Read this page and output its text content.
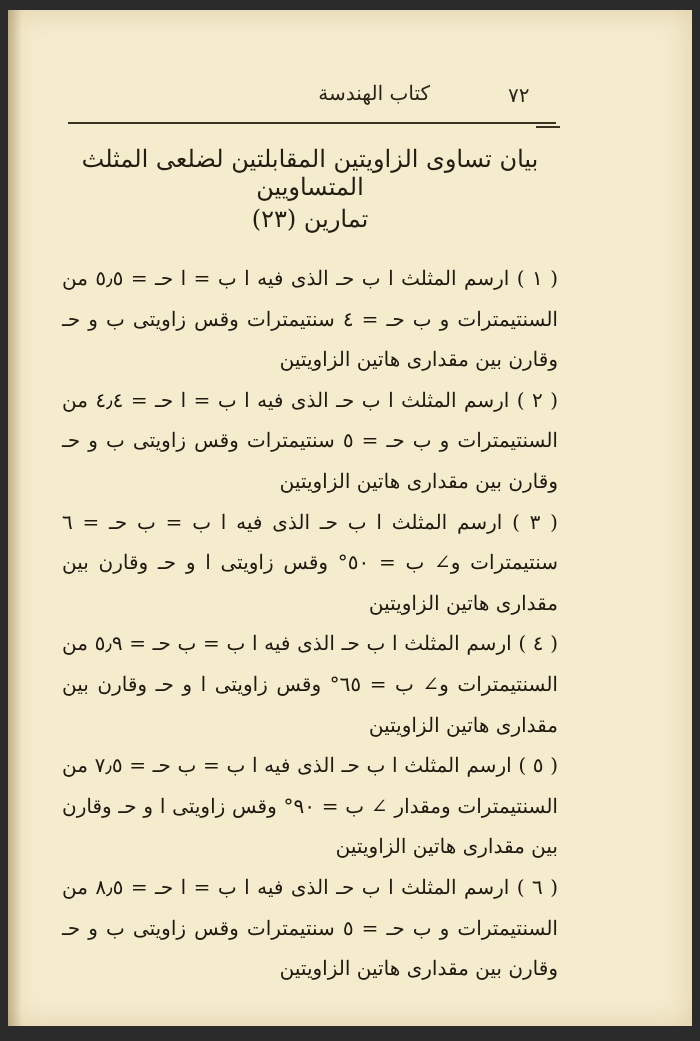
كتاب الهندسة	٧٢
بيان تساوى الزاويتين المقابلتين لضلعى المثلث المتساويين
تمارين (٢٣)

( ١ ) ارسم المثلث ا ب حـ الذى فيه ا ب = ا حـ = ٥٫٥ من السنتيمترات و ب حـ = ٤ سنتيمترات وقس زاويتى ب و حـ وقارن بين مقدارى هاتين الزاويتين

( ٢ ) ارسم المثلث ا ب حـ الذى فيه ا ب = ا حـ = ٤٫٤ من السنتيمترات و ب حـ = ٥ سنتيمترات وقس زاويتى ب و حـ وقارن بين مقدارى هاتين الزاويتين

( ٣ ) ارسم المثلث ا ب حـ الذى فيه ا ب = ب حـ = ٦ سنتيمترات و∠ ب = ٥٠° وقس زاويتى ا و حـ وقارن بين مقدارى هاتين الزاويتين

( ٤ ) ارسم المثلث ا ب حـ الذى فيه ا ب = ب حـ = ٥٫٩ من السنتيمترات و∠ ب = ٦٥° وقس زاويتى ا و حـ وقارن بين مقدارى هاتين الزاويتين

( ٥ ) ارسم المثلث ا ب حـ الذى فيه ا ب = ب حـ = ٧٫٥ من السنتيمترات ومقدار ∠ ب = ٩٠° وقس زاويتى ا و حـ وقارن بين مقدارى هاتين الزاويتين

( ٦ ) ارسم المثلث ا ب حـ الذى فيه ا ب = ا حـ = ٨٫٥ من السنتيمترات و ب حـ = ٥ سنتيمترات وقس زاويتى ب و حـ وقارن بين مقدارى هاتين الزاويتين
